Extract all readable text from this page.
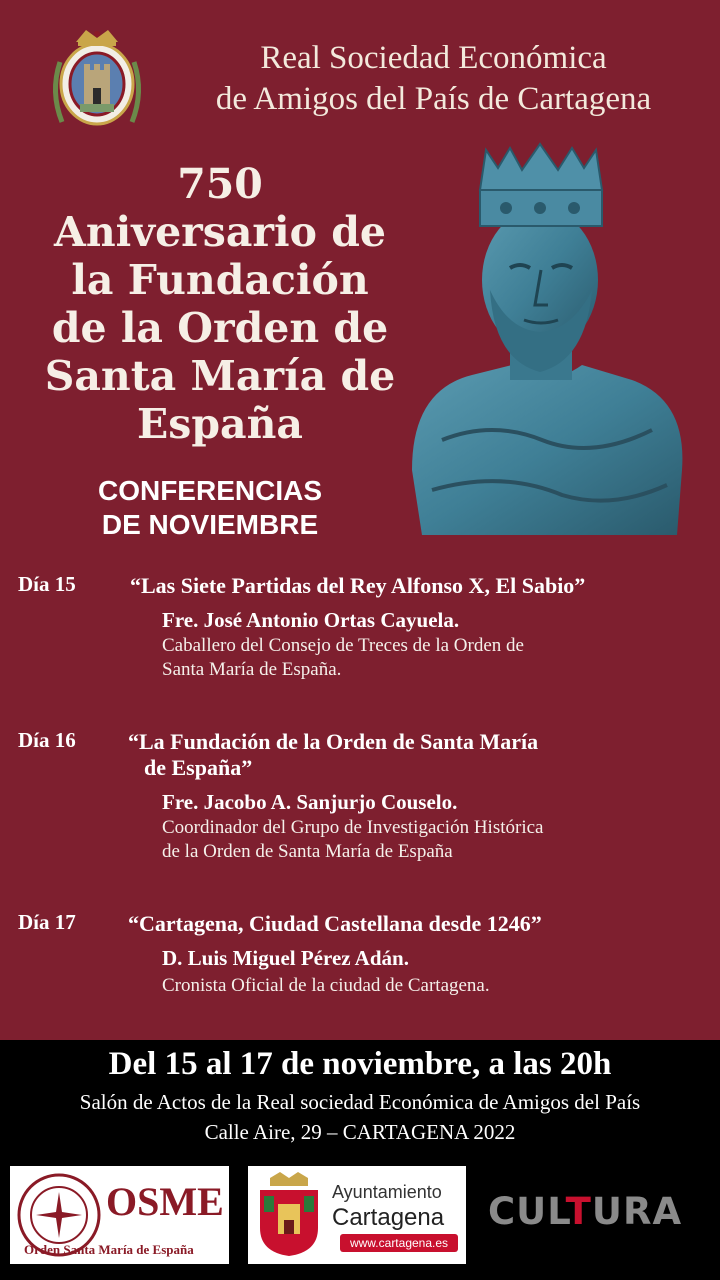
Real Sociedad Económica
de Amigos del País de Cartagena
750
Aniversario de
la Fundación
de la Orden de
Santa María de
España
CONFERENCIAS
DE NOVIEMBRE
Día 15 “Las Siete Partidas del Rey Alfonso X, El Sabio”
Fre. José Antonio Ortas Cayuela.
Caballero del Consejo de Treces de la Orden de
Santa María de España.
Día 16 “La Fundación de la Orden de Santa María
de España”
Fre. Jacobo A. Sanjurjo Couselo.
Coordinador del Grupo de Investigación Histórica
de la Orden de Santa María de España
Día 17 “Cartagena, Ciudad Castellana desde 1246”
D. Luis Miguel Pérez Adán.
Cronista Oficial de la ciudad de Cartagena.
Del 15 al 17 de noviembre, a las 20h
Salón de Actos de la Real sociedad Económica de Amigos del País
Calle Aire, 29 – CARTAGENA 2022
OSME
Orden Santa María de España
Ayuntamiento
Cartagena
www.cartagena.es
CULTURA
